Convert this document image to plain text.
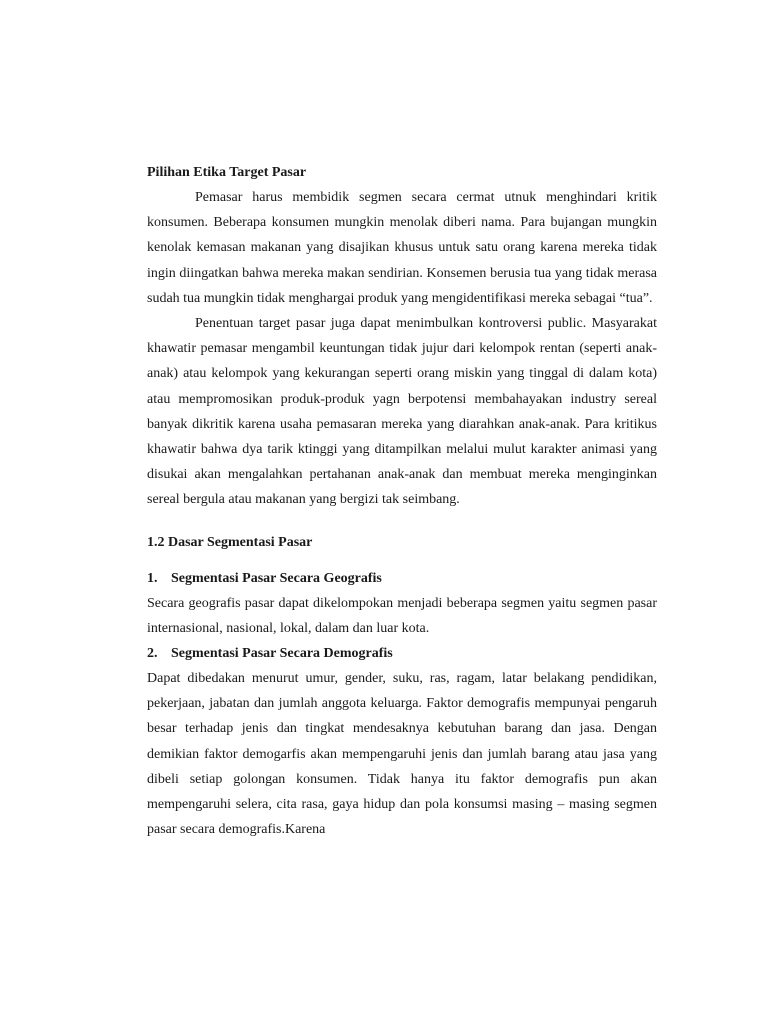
Pilihan Etika Target Pasar

Pemasar harus membidik segmen secara cermat utnuk menghindari kritik konsumen. Beberapa konsumen mungkin menolak diberi nama. Para bujangan mungkin kenolak kemasan makanan yang disajikan khusus untuk satu orang karena mereka tidak ingin diingatkan bahwa mereka makan sendirian. Konsemen berusia tua yang tidak merasa sudah tua mungkin tidak menghargai produk yang mengidentifikasi mereka sebagai “tua”.

Penentuan target pasar juga dapat menimbulkan kontroversi public. Masyarakat khawatir pemasar mengambil keuntungan tidak jujur dari kelompok rentan (seperti anak-anak) atau kelompok yang kekurangan seperti orang miskin yang tinggal di dalam kota) atau mempromosikan produk-produk yagn berpotensi membahayakan industry sereal banyak dikritik karena usaha pemasaran mereka yang diarahkan anak-anak. Para kritikus khawatir bahwa dya tarik ktinggi yang ditampilkan melalui mulut karakter animasi yang disukai akan mengalahkan pertahanan anak-anak dan membuat mereka menginginkan sereal bergula atau makanan yang bergizi tak seimbang.

1.2 Dasar Segmentasi Pasar

1. Segmentasi Pasar Secara Geografis

Secara geografis pasar dapat dikelompokan menjadi beberapa segmen yaitu segmen pasar internasional, nasional, lokal, dalam dan luar kota.

2. Segmentasi Pasar Secara Demografis

Dapat dibedakan menurut umur, gender, suku, ras, ragam, latar belakang pendidikan, pekerjaan, jabatan dan jumlah anggota keluarga. Faktor demografis mempunyai pengaruh besar terhadap jenis dan tingkat mendesaknya kebutuhan barang dan jasa. Dengan demikian faktor demogarfis akan mempengaruhi jenis dan jumlah barang atau jasa yang dibeli setiap golongan konsumen. Tidak hanya itu faktor demografis pun akan mempengaruhi selera, cita rasa, gaya hidup dan pola konsumsi masing – masing segmen pasar secara demografis.Karena
